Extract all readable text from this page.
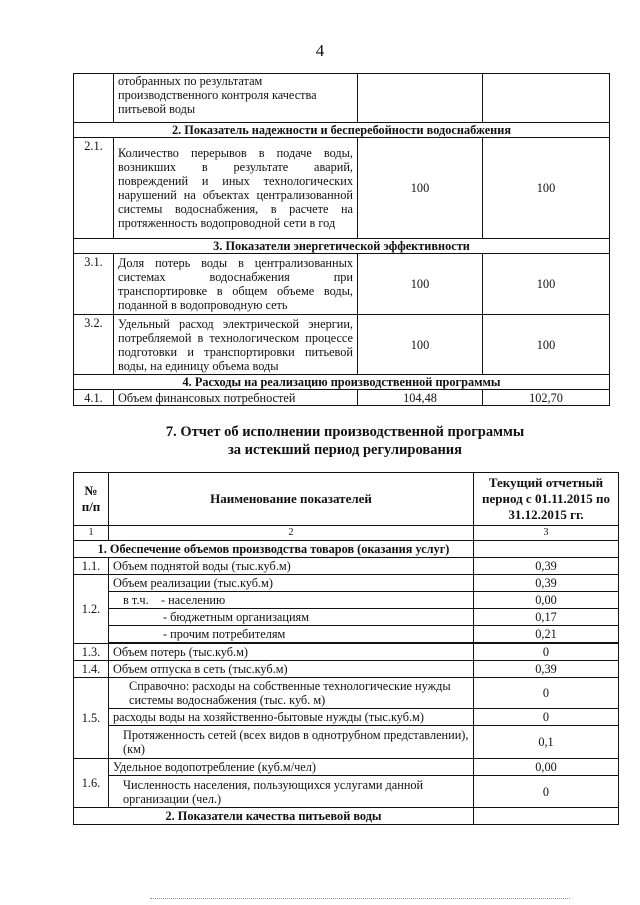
4

	отобранных по результатам
производственного контроля качества
питьевой воды		

2. Показатель надежности и бесперебойности водоснабжения			
2.1.	Количество перерывов в подаче воды, возникших в результате аварий, повреждений и иных технологических нарушений на объектах централизованной системы водоснабжения, в расчете на протяженность водопроводной сети в год	100	100
3. Показатели энергетической эффективности			
3.1.	Доля потерь воды в централизованных системах водоснабжения при транспортировке в общем объеме воды, поданной в водопроводную сеть	100	100
3.2.	Удельный расход электрической энергии, потребляемой в технологическом процессе подготовки и транспортировки питьевой воды, на единицу объема воды	100	100
4. Расходы на реализацию производственной программы			
4.1.	Объем финансовых потребностей	104,48	102,70
7. Отчет об исполнении производственной программы
за истекший период регулирования
№ п/п	Наименование показателей	Текущий отчетный период с 01.11.2015 по 31.12.2015 гг.
1	2	3
1. Обеспечение объемов производства товаров (оказания услуг)		
1.1.	Объем поднятой воды (тыс.куб.м)	0,39
1.2.	Объем реализации (тыс.куб.м)	0,39
	в т.ч. - населению	0,00
	- бюджетным организациям	0,17
	- прочим потребителям	0,21

1.3.	Объем потерь (тыс.куб.м)	0
1.4.	Объем отпуска в сеть (тыс.куб.м)	0,39
1.5.	Справочно: расходы на собственные технологические нужды системы водоснабжения (тыс. куб. м)	0
	расходы воды на хозяйственно-бытовые нужды (тыс.куб.м)	0
	Протяженность сетей (всех видов в однотрубном представлении), (км)	0,1
1.6.	Удельное водопотребление (куб.м/чел)	0,00
	Численность населения, пользующихся услугами данной организации (чел.)	0
2. Показатели качества питьевой воды		
